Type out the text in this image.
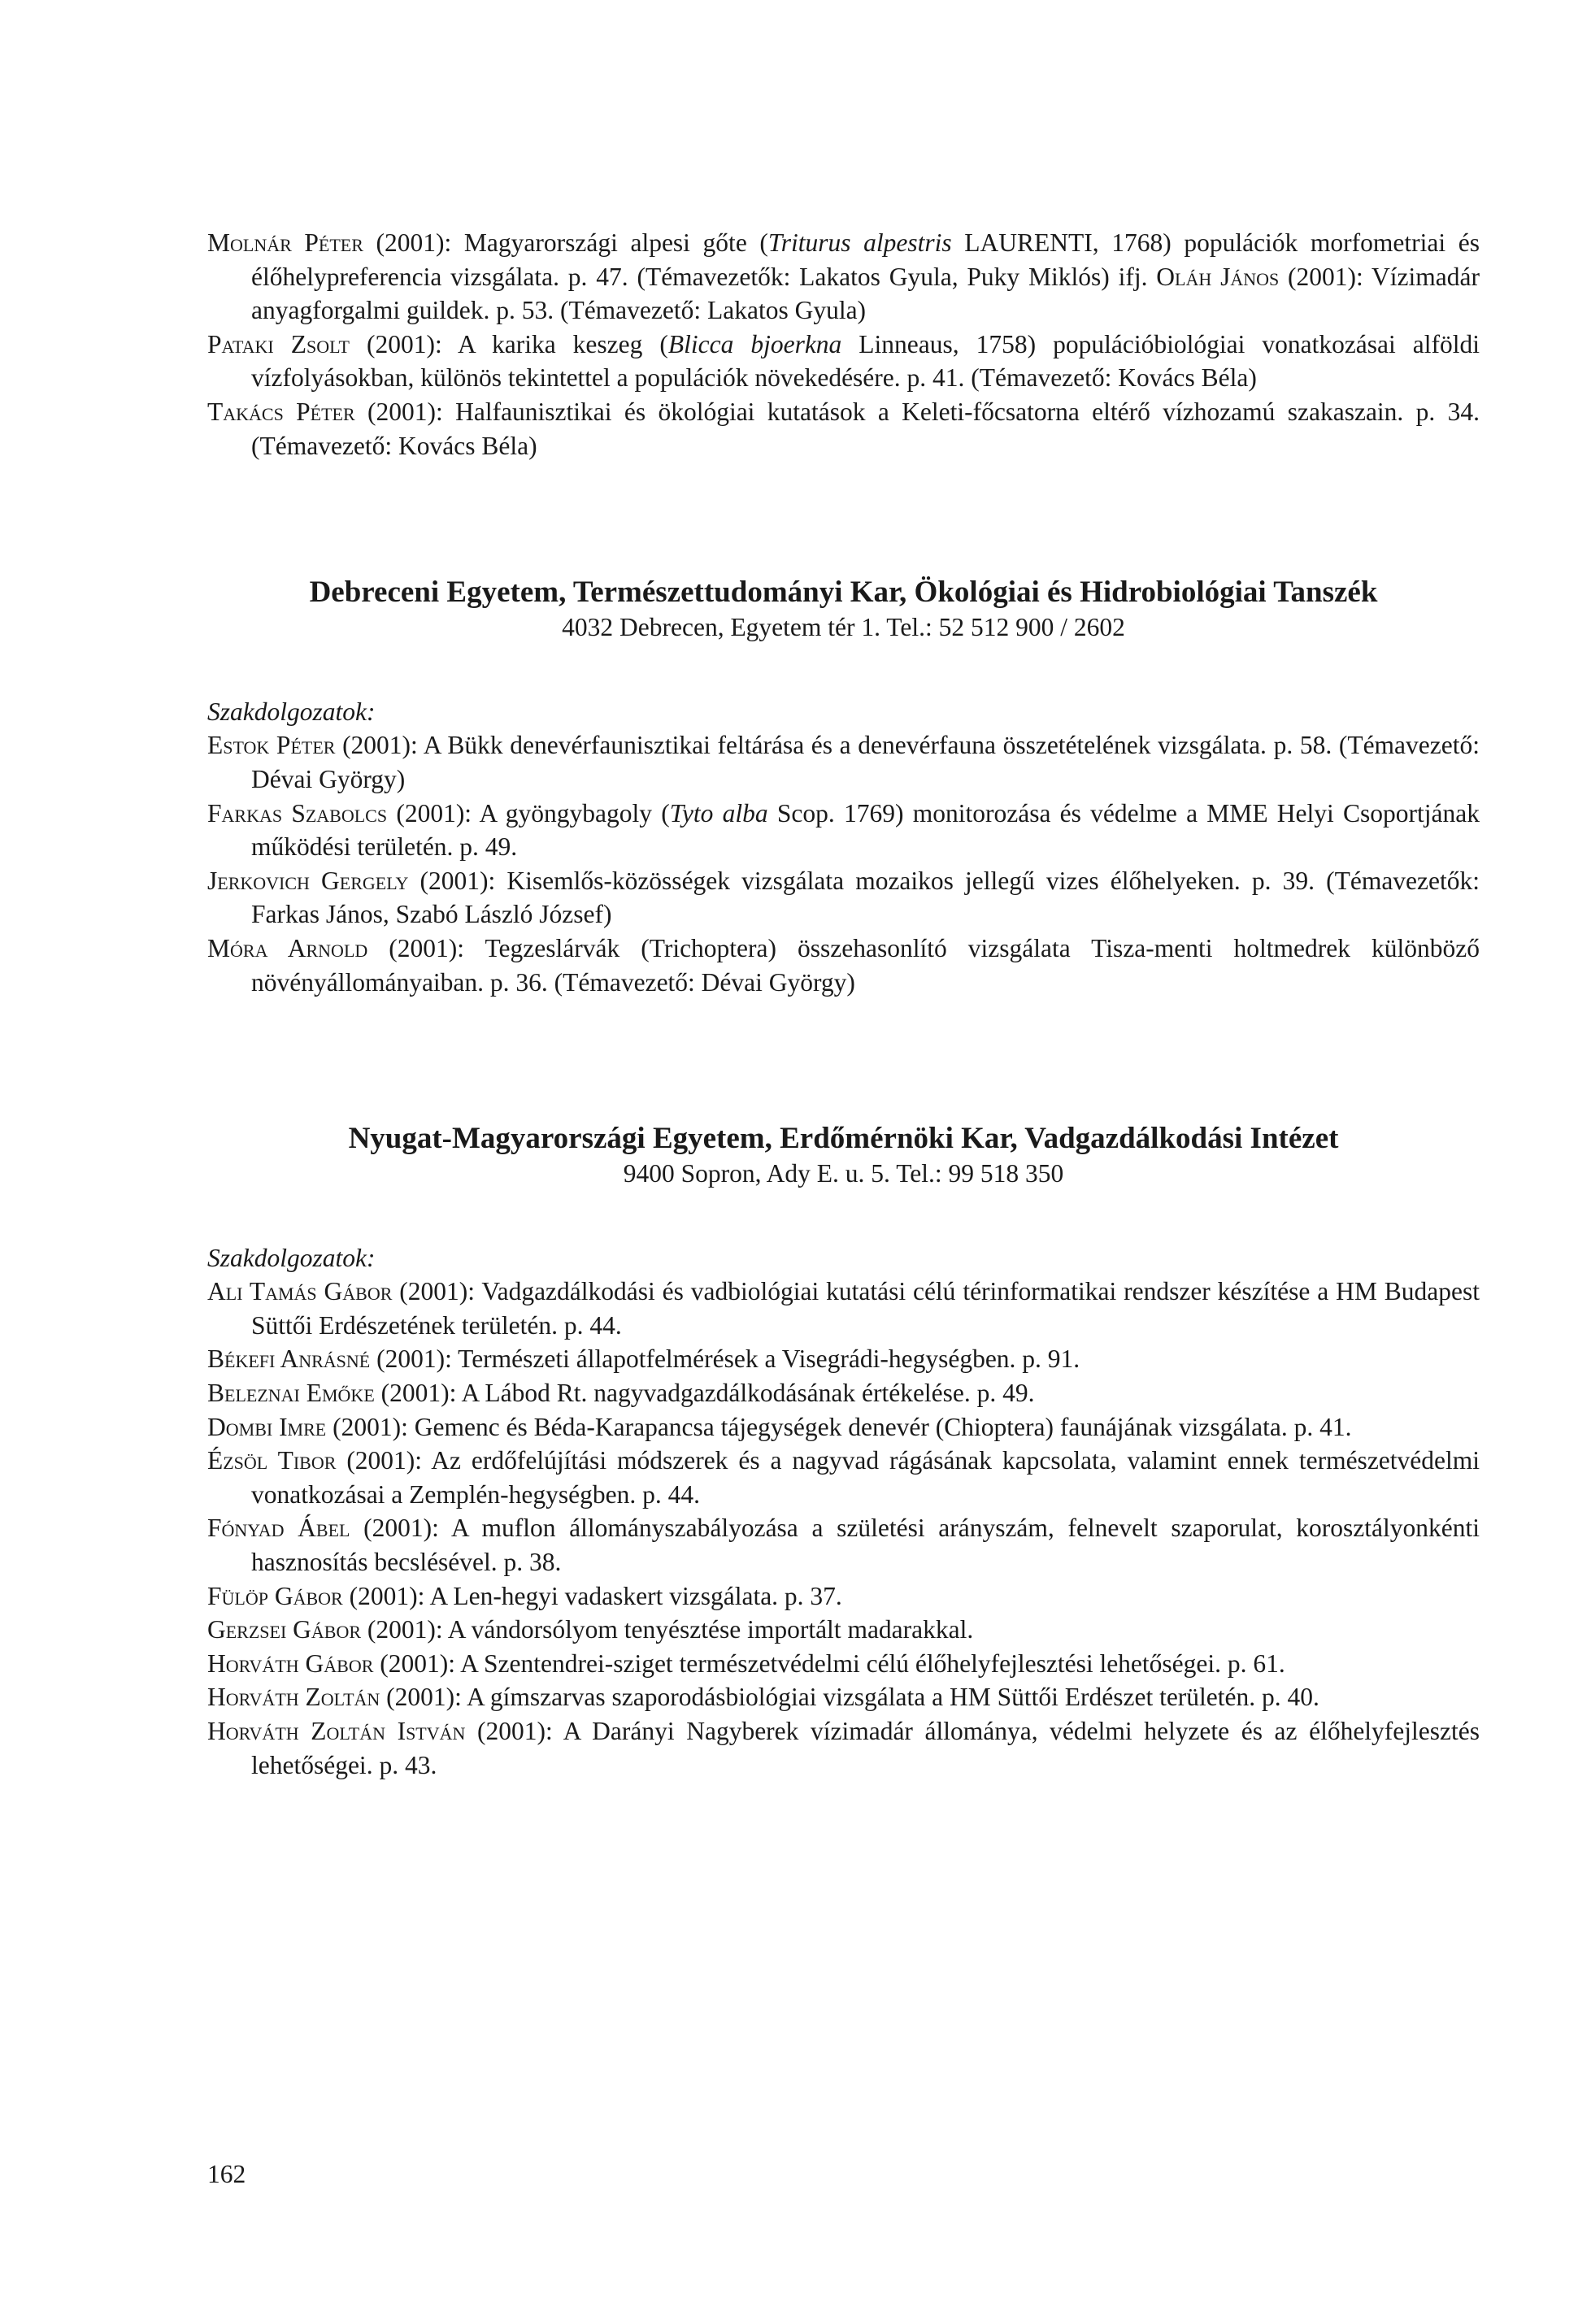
Molnár Péter (2001): Magyarországi alpesi gőte (Triturus alpestris LAURENTI, 1768) populációk morfometriai és élőhelypreferencia vizsgálata. p. 47. (Témavezetők: Lakatos Gyula, Puky Miklós) ifj. Oláh János (2001): Vízimadár anyagforgalmi guildek. p. 53. (Témavezető: Lakatos Gyula)

Pataki Zsolt (2001): A karika keszeg (Blicca bjoerkna Linneaus, 1758) populációbiológiai vonatkozásai alföldi vízfolyásokban, különös tekintettel a populációk növekedésére. p. 41. (Témavezető: Kovács Béla)

Takács Péter (2001): Halfaunisztikai és ökológiai kutatások a Keleti-főcsatorna eltérő vízhozamú szakaszain. p. 34. (Témavezető: Kovács Béla)

Debreceni Egyetem, Természettudományi Kar, Ökológiai és Hidrobiológiai Tanszék

4032 Debrecen, Egyetem tér 1. Tel.: 52 512 900 / 2602

Szakdolgozatok:

Estok Péter (2001): A Bükk denevérfaunisztikai feltárása és a denevérfauna összetételének vizsgálata. p. 58. (Témavezető: Dévai György)

Farkas Szabolcs (2001): A gyöngybagoly (Tyto alba Scop. 1769) monitorozása és védelme a MME Helyi Csoportjának működési területén. p. 49.

Jerkovich Gergely (2001): Kisemlős-közösségek vizsgálata mozaikos jellegű vizes élőhelyeken. p. 39. (Témavezetők: Farkas János, Szabó László József)

Móra Arnold (2001): Tegzeslárvák (Trichoptera) összehasonlító vizsgálata Tisza-menti holtmedrek különböző növényállományaiban. p. 36. (Témavezető: Dévai György)

Nyugat-Magyarországi Egyetem, Erdőmérnöki Kar, Vadgazdálkodási Intézet

9400 Sopron, Ady E. u. 5. Tel.: 99 518 350

Szakdolgozatok:

Ali Tamás Gábor (2001): Vadgazdálkodási és vadbiológiai kutatási célú térinformatikai rendszer készítése a HM Budapest Süttői Erdészetének területén. p. 44.

Békefi Anrásné (2001): Természeti állapotfelmérések a Visegrádi-hegységben. p. 91.

Beleznai Emőke (2001): A Lábod Rt. nagyvadgazdálkodásának értékelése. p. 49.

Dombi Imre (2001): Gemenc és Béda-Karapancsa tájegységek denevér (Chioptera) faunájának vizsgálata. p. 41.

Ézsöl Tibor (2001): Az erdőfelújítási módszerek és a nagyvad rágásának kapcsolata, valamint ennek természetvédelmi vonatkozásai a Zemplén-hegységben. p. 44.

Fónyad Ábel (2001): A muflon állományszabályozása a születési arányszám, felnevelt szaporulat, korosztályonkénti hasznosítás becslésével. p. 38.

Fülöp Gábor (2001): A Len-hegyi vadaskert vizsgálata. p. 37.

Gerzsei Gábor (2001): A vándorsólyom tenyésztése importált madarakkal.

Horváth Gábor (2001): A Szentendrei-sziget természetvédelmi célú élőhelyfejlesztési lehetőségei. p. 61.

Horváth Zoltán (2001): A gímszarvas szaporodásbiológiai vizsgálata a HM Süttői Erdészet területén. p. 40.

Horváth Zoltán István (2001): A Darányi Nagyberek vízimadár állománya, védelmi helyzete és az élőhelyfejlesztés lehetőségei. p. 43.

162
